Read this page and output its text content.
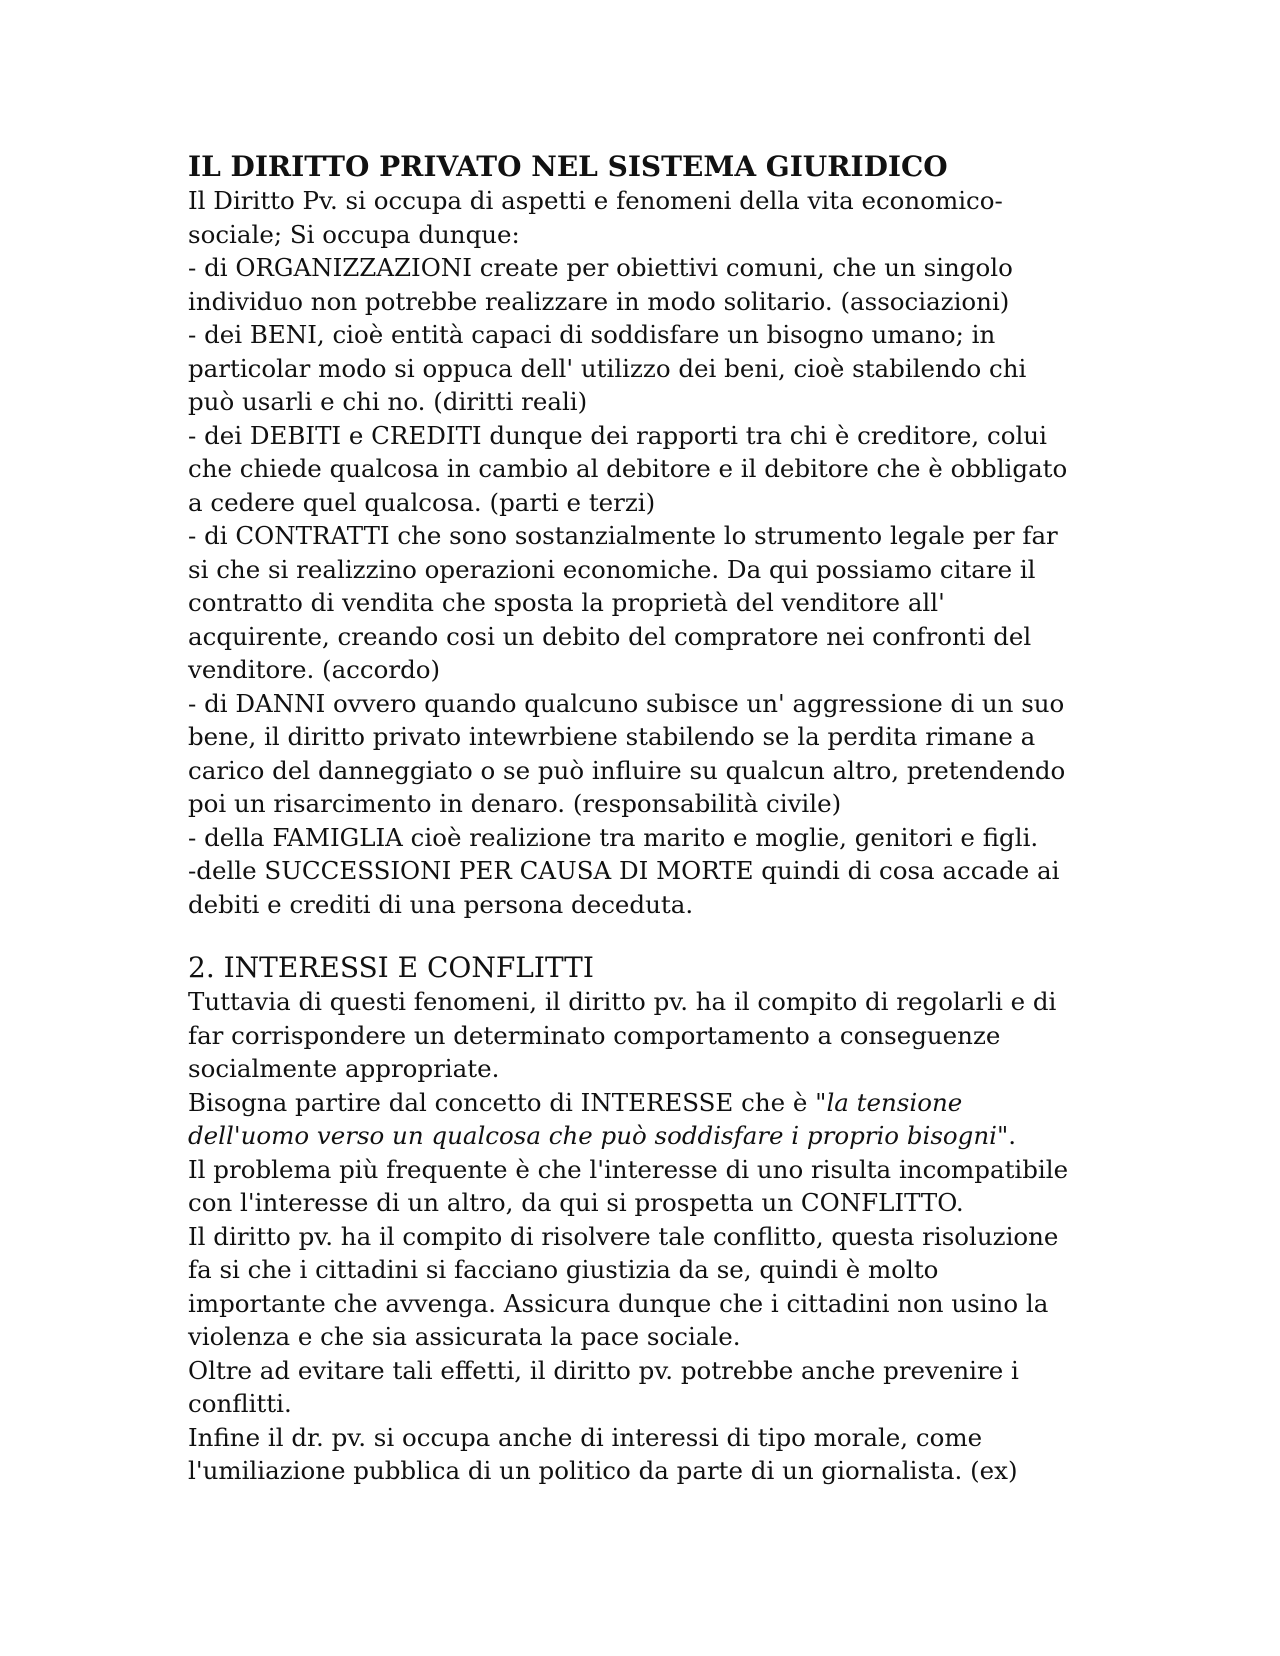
IL DIRITTO PRIVATO NEL SISTEMA GIURIDICO
Il Diritto Pv. si occupa di aspetti e fenomeni della vita economico-
sociale; Si occupa dunque:
- di ORGANIZZAZIONI create per obiettivi comuni, che un singolo
individuo non potrebbe realizzare in modo solitario. (associazioni)
- dei BENI, cioè entità capaci di soddisfare un bisogno umano; in
particolar modo si oppuca dell' utilizzo dei beni, cioè stabilendo chi
può usarli e chi no. (diritti reali)
- dei DEBITI e CREDITI dunque dei rapporti tra chi è creditore, colui
che chiede qualcosa in cambio al debitore e il debitore che è obbligato
a cedere quel qualcosa. (parti e terzi)
- di CONTRATTI che sono sostanzialmente lo strumento legale per far
si che si realizzino operazioni economiche. Da qui possiamo citare il
contratto di vendita che sposta la proprietà del venditore all'
acquirente, creando cosi un debito del compratore nei confronti del
venditore. (accordo)
- di DANNI ovvero quando qualcuno subisce un' aggressione di un suo
bene, il diritto privato intewrbiene stabilendo se la perdita rimane a
carico del danneggiato o se può influire su qualcun altro, pretendendo
poi un risarcimento in denaro. (responsabilità civile)
- della FAMIGLIA cioè realizione tra marito e moglie, genitori e figli.
-delle SUCCESSIONI PER CAUSA DI MORTE quindi di cosa accade ai
debiti e crediti di una persona deceduta.
2. INTERESSI E CONFLITTI
Tuttavia di questi fenomeni, il diritto pv. ha il compito di regolarli e di
far corrispondere un determinato comportamento a conseguenze
socialmente appropriate.
Bisogna partire dal concetto di INTERESSE che è "la tensione
dell'uomo verso un qualcosa che può soddisfare i proprio bisogni".
Il problema più frequente è che l'interesse di uno risulta incompatibile
con l'interesse di un altro, da qui si prospetta un CONFLITTO.
Il diritto pv. ha il compito di risolvere tale conflitto, questa risoluzione
fa si che i cittadini si facciano giustizia da se, quindi è molto
importante che avvenga. Assicura dunque che i cittadini non usino la
violenza e che sia assicurata la pace sociale.
Oltre ad evitare tali effetti, il diritto pv. potrebbe anche prevenire i
conflitti.
Infine il dr. pv. si occupa anche di interessi di tipo morale, come
l'umiliazione pubblica di un politico da parte di un giornalista. (ex)
